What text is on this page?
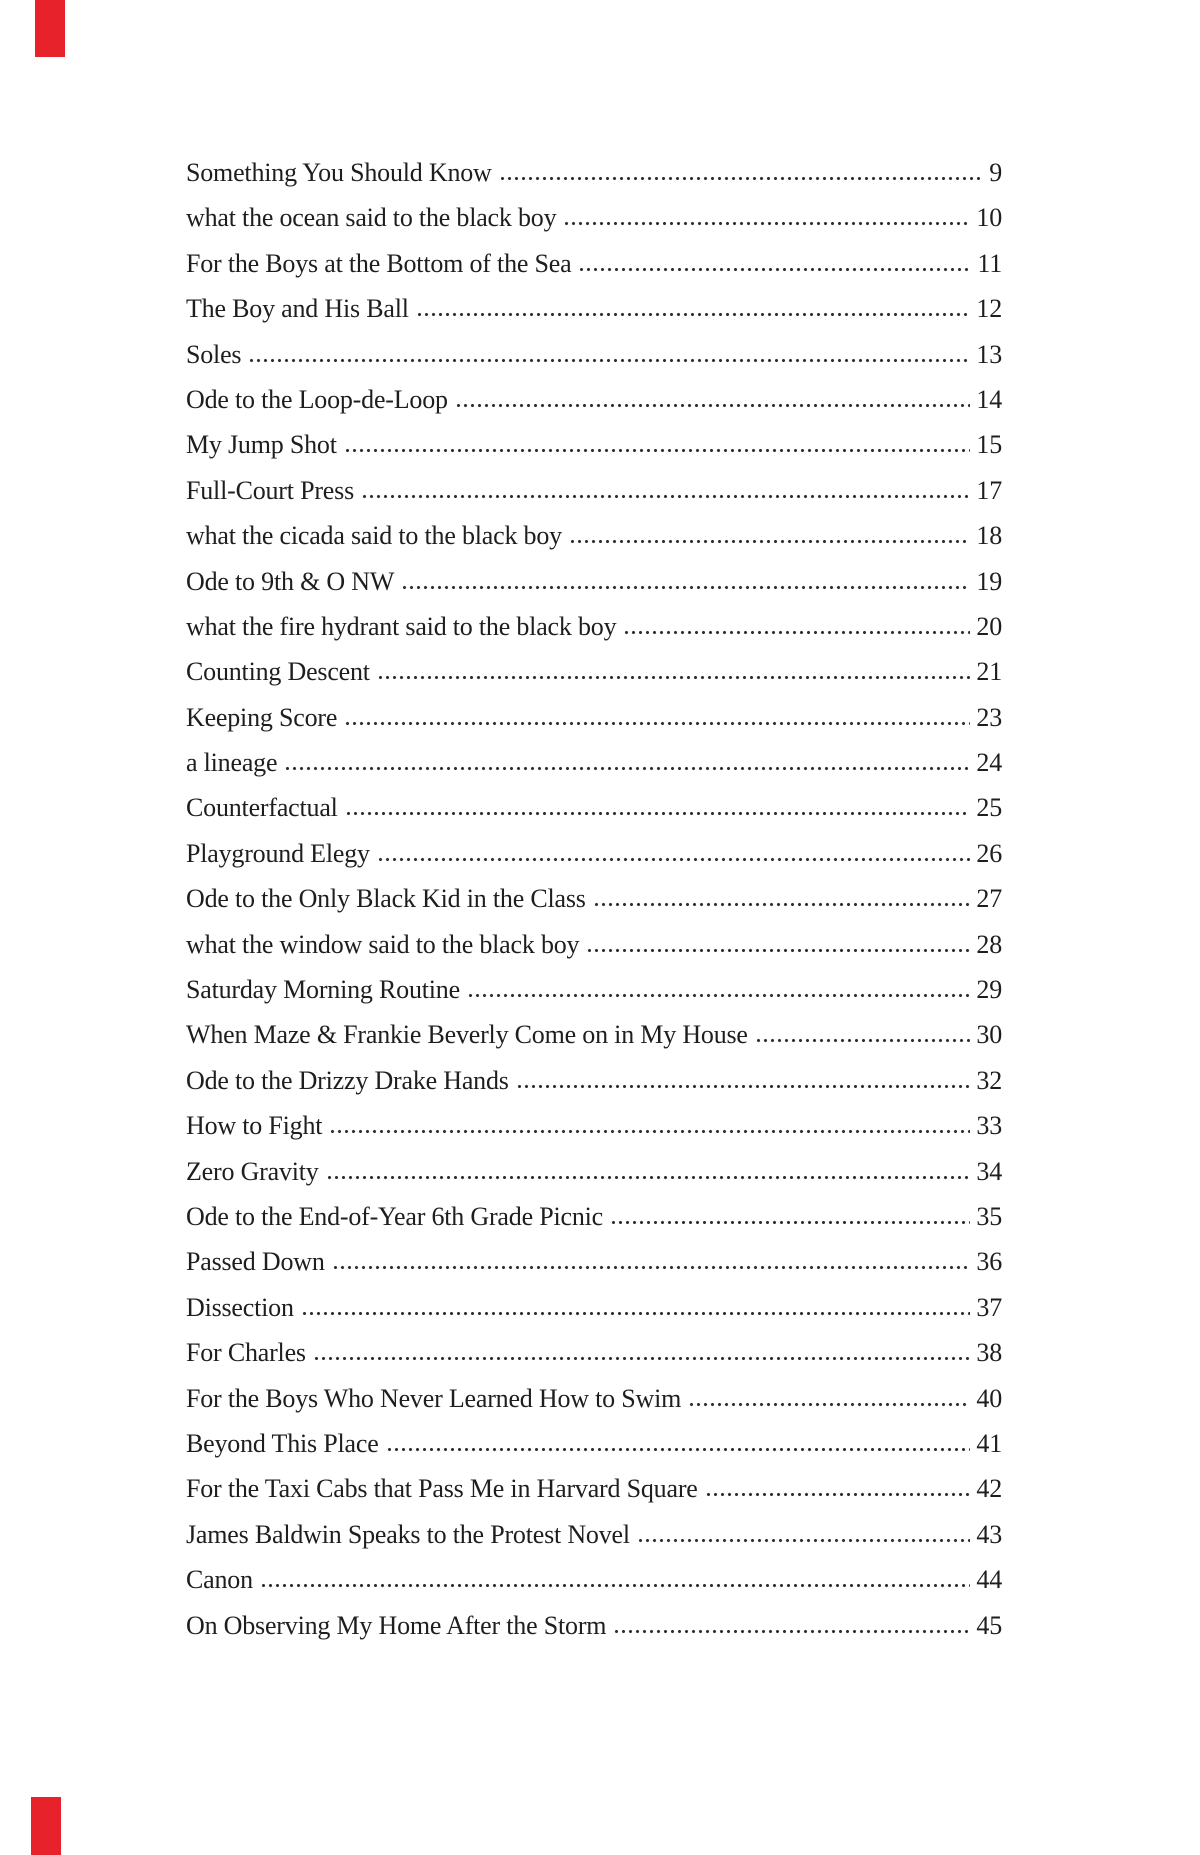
Something You Should Know	9
what the ocean said to the black boy	10
For the Boys at the Bottom of the Sea	11
The Boy and His Ball	12
Soles	13
Ode to the Loop-de-Loop	14
My Jump Shot	15
Full-Court Press	17
what the cicada said to the black boy	18
Ode to 9th & O NW	19
what the fire hydrant said to the black boy	20
Counting Descent	21
Keeping Score	23
a lineage	24
Counterfactual	25
Playground Elegy	26
Ode to the Only Black Kid in the Class	27
what the window said to the black boy	28
Saturday Morning Routine	29
When Maze & Frankie Beverly Come on in My House	30
Ode to the Drizzy Drake Hands	32
How to Fight	33
Zero Gravity	34
Ode to the End-of-Year 6th Grade Picnic	35
Passed Down	36
Dissection	37
For Charles	38
For the Boys Who Never Learned How to Swim	40
Beyond This Place	41
For the Taxi Cabs that Pass Me in Harvard Square	42
James Baldwin Speaks to the Protest Novel	43
Canon	44
On Observing My Home After the Storm	45
